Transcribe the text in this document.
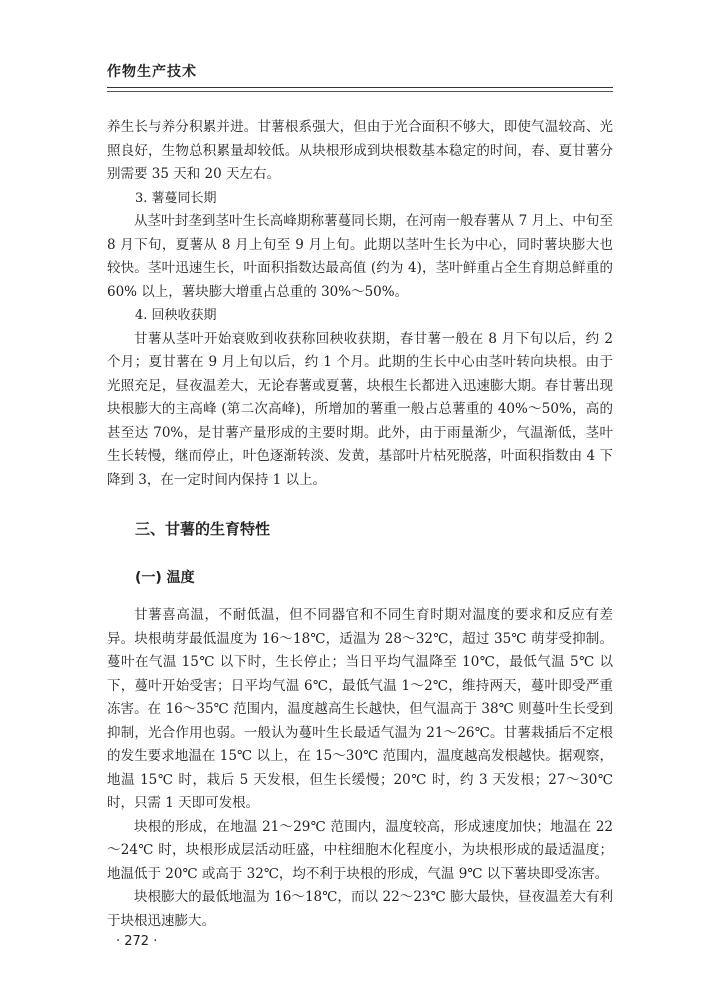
作物生产技术

养生长与养分积累并进。甘薯根系强大，但由于光合面积不够大，即使气温较高、光照良好，生物总积累量却较低。从块根形成到块根数基本稳定的时间，春、夏甘薯分别需要 35 天和 20 天左右。

3. 薯蔓同长期

从茎叶封垄到茎叶生长高峰期称薯蔓同长期，在河南一般春薯从 7 月上、中旬至 8 月下旬，夏薯从 8 月上旬至 9 月上旬。此期以茎叶生长为中心，同时薯块膨大也较快。茎叶迅速生长，叶面积指数达最高值 (约为 4)，茎叶鲜重占全生育期总鲜重的 60% 以上，薯块膨大增重占总重的 30%～50%。

4. 回秧收获期

甘薯从茎叶开始衰败到收获称回秧收获期，春甘薯一般在 8 月下旬以后，约 2 个月；夏甘薯在 9 月上旬以后，约 1 个月。此期的生长中心由茎叶转向块根。由于光照充足，昼夜温差大，无论春薯或夏薯，块根生长都进入迅速膨大期。春甘薯出现块根膨大的主高峰 (第二次高峰)，所增加的薯重一般占总薯重的 40%～50%，高的甚至达 70%，是甘薯产量形成的主要时期。此外，由于雨量渐少，气温渐低，茎叶生长转慢，继而停止，叶色逐渐转淡、发黄，基部叶片枯死脱落，叶面积指数由 4 下降到 3，在一定时间内保持 1 以上。

三、甘薯的生育特性
(一) 温度

甘薯喜高温，不耐低温，但不同器官和不同生育时期对温度的要求和反应有差异。块根萌芽最低温度为 16～18℃，适温为 28～32℃，超过 35℃ 萌芽受抑制。蔓叶在气温 15℃ 以下时，生长停止；当日平均气温降至 10℃，最低气温 5℃ 以下，蔓叶开始受害；日平均气温 6℃，最低气温 1～2℃，维持两天，蔓叶即受严重冻害。在 16～35℃ 范围内，温度越高生长越快，但气温高于 38℃ 则蔓叶生长受到抑制，光合作用也弱。一般认为蔓叶生长最适气温为 21～26℃。甘薯栽插后不定根的发生要求地温在 15℃ 以上，在 15～30℃ 范围内，温度越高发根越快。据观察，地温 15℃ 时，栽后 5 天发根，但生长缓慢；20℃ 时，约 3 天发根；27～30℃ 时，只需 1 天即可发根。

块根的形成，在地温 21～29℃ 范围内，温度较高，形成速度加快；地温在 22～24℃ 时，块根形成层活动旺盛，中柱细胞木化程度小，为块根形成的最适温度；地温低于 20℃ 或高于 32℃，均不利于块根的形成，气温 9℃ 以下薯块即受冻害。

块根膨大的最低地温为 16～18℃，而以 22～23℃ 膨大最快，昼夜温差大有利于块根迅速膨大。

· 272 ·
